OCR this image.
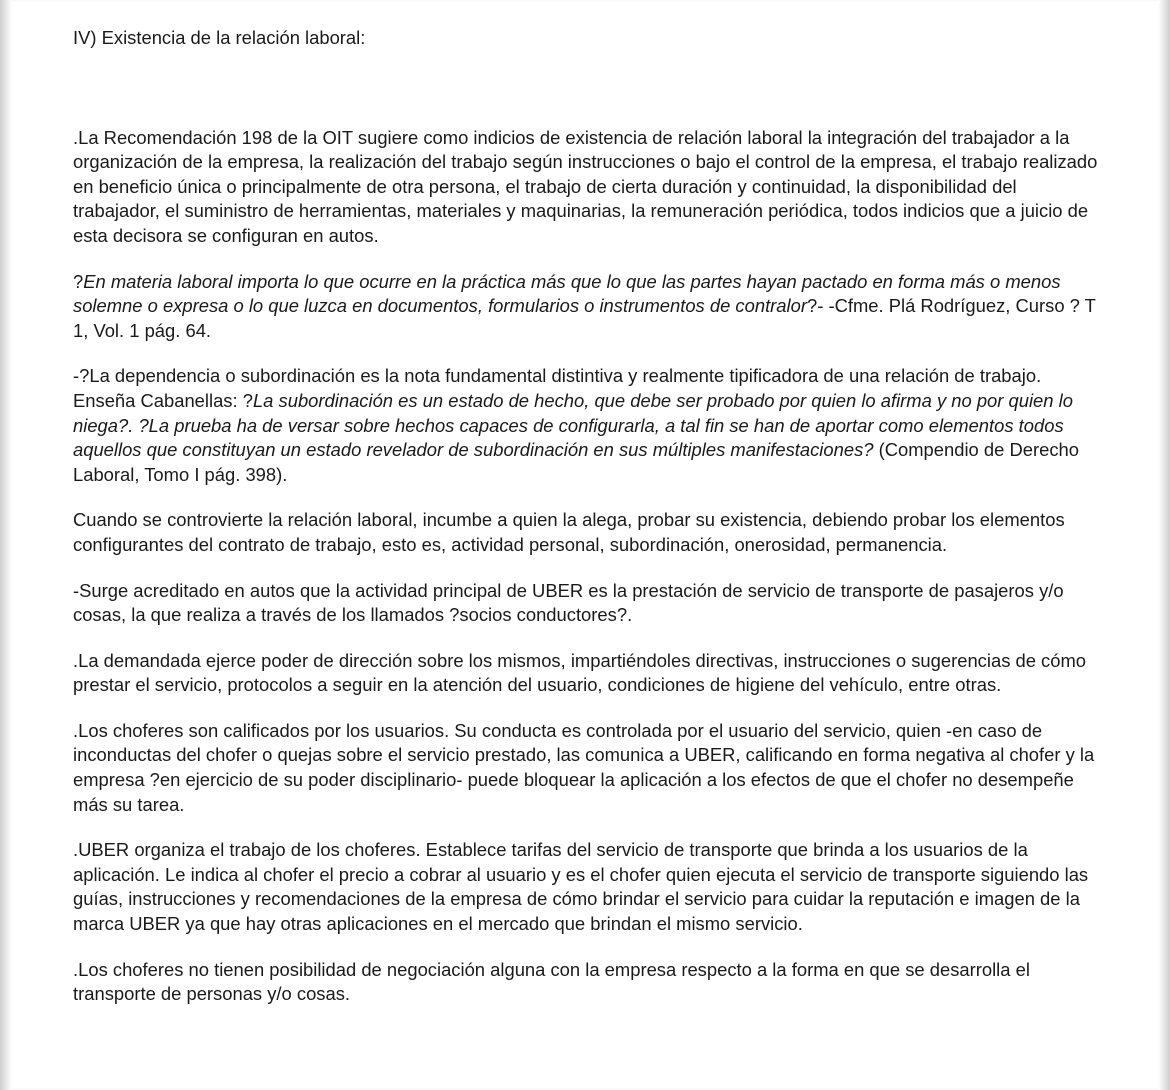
IV) Existencia de la relación laboral:

.La Recomendación 198 de la OIT sugiere como indicios de existencia de relación laboral la integración del trabajador a la organización de la empresa, la realización del trabajo según instrucciones o bajo el control de la empresa, el trabajo realizado en beneficio única o principalmente de otra persona, el trabajo de cierta duración y continuidad, la disponibilidad del trabajador, el suministro de herramientas, materiales y maquinarias, la remuneración periódica, todos indicios que a juicio de esta decisora se configuran en autos.

?En materia laboral importa lo que ocurre en la práctica más que lo que las partes hayan pactado en forma más o menos solemne o expresa o lo que luzca en documentos, formularios o instrumentos de contralor?- -Cfme. Plá Rodríguez, Curso ? T 1, Vol. 1 pág. 64.

-?La dependencia o subordinación es la nota fundamental distintiva y realmente tipificadora de una relación de trabajo. Enseña Cabanellas: ?La subordinación es un estado de hecho, que debe ser probado por quien lo afirma y no por quien lo niega?. ?La prueba ha de versar sobre hechos capaces de configurarla, a tal fin se han de aportar como elementos todos aquellos que constituyan un estado revelador de subordinación en sus múltiples manifestaciones? (Compendio de Derecho Laboral, Tomo I pág. 398).

Cuando se controvierte la relación laboral, incumbe a quien la alega, probar su existencia, debiendo probar los elementos configurantes del contrato de trabajo, esto es, actividad personal, subordinación, onerosidad, permanencia.

-Surge acreditado en autos que la actividad principal de UBER es la prestación de servicio de transporte de pasajeros y/o cosas, la que realiza a través de los llamados ?socios conductores?.

.La demandada ejerce poder de dirección sobre los mismos, impartiéndoles directivas, instrucciones o sugerencias de cómo prestar el servicio, protocolos a seguir en la atención del usuario, condiciones de higiene del vehículo, entre otras.

.Los choferes son calificados por los usuarios. Su conducta es controlada por el usuario del servicio, quien -en caso de inconductas del chofer o quejas sobre el servicio prestado, las comunica a UBER, calificando en forma negativa al chofer y la empresa ?en ejercicio de su poder disciplinario- puede bloquear la aplicación a los efectos de que el chofer no desempeñe más su tarea.

.UBER organiza el trabajo de los choferes. Establece tarifas del servicio de transporte que brinda a los usuarios de la aplicación. Le indica al chofer el precio a cobrar al usuario y es el chofer quien ejecuta el servicio de transporte siguiendo las guías, instrucciones y recomendaciones de la empresa de cómo brindar el servicio para cuidar la reputación e imagen de la marca UBER ya que hay otras aplicaciones en el mercado que brindan el mismo servicio.

.Los choferes no tienen posibilidad de negociación alguna con la empresa respecto a la forma en que se desarrolla el transporte de personas y/o cosas.
